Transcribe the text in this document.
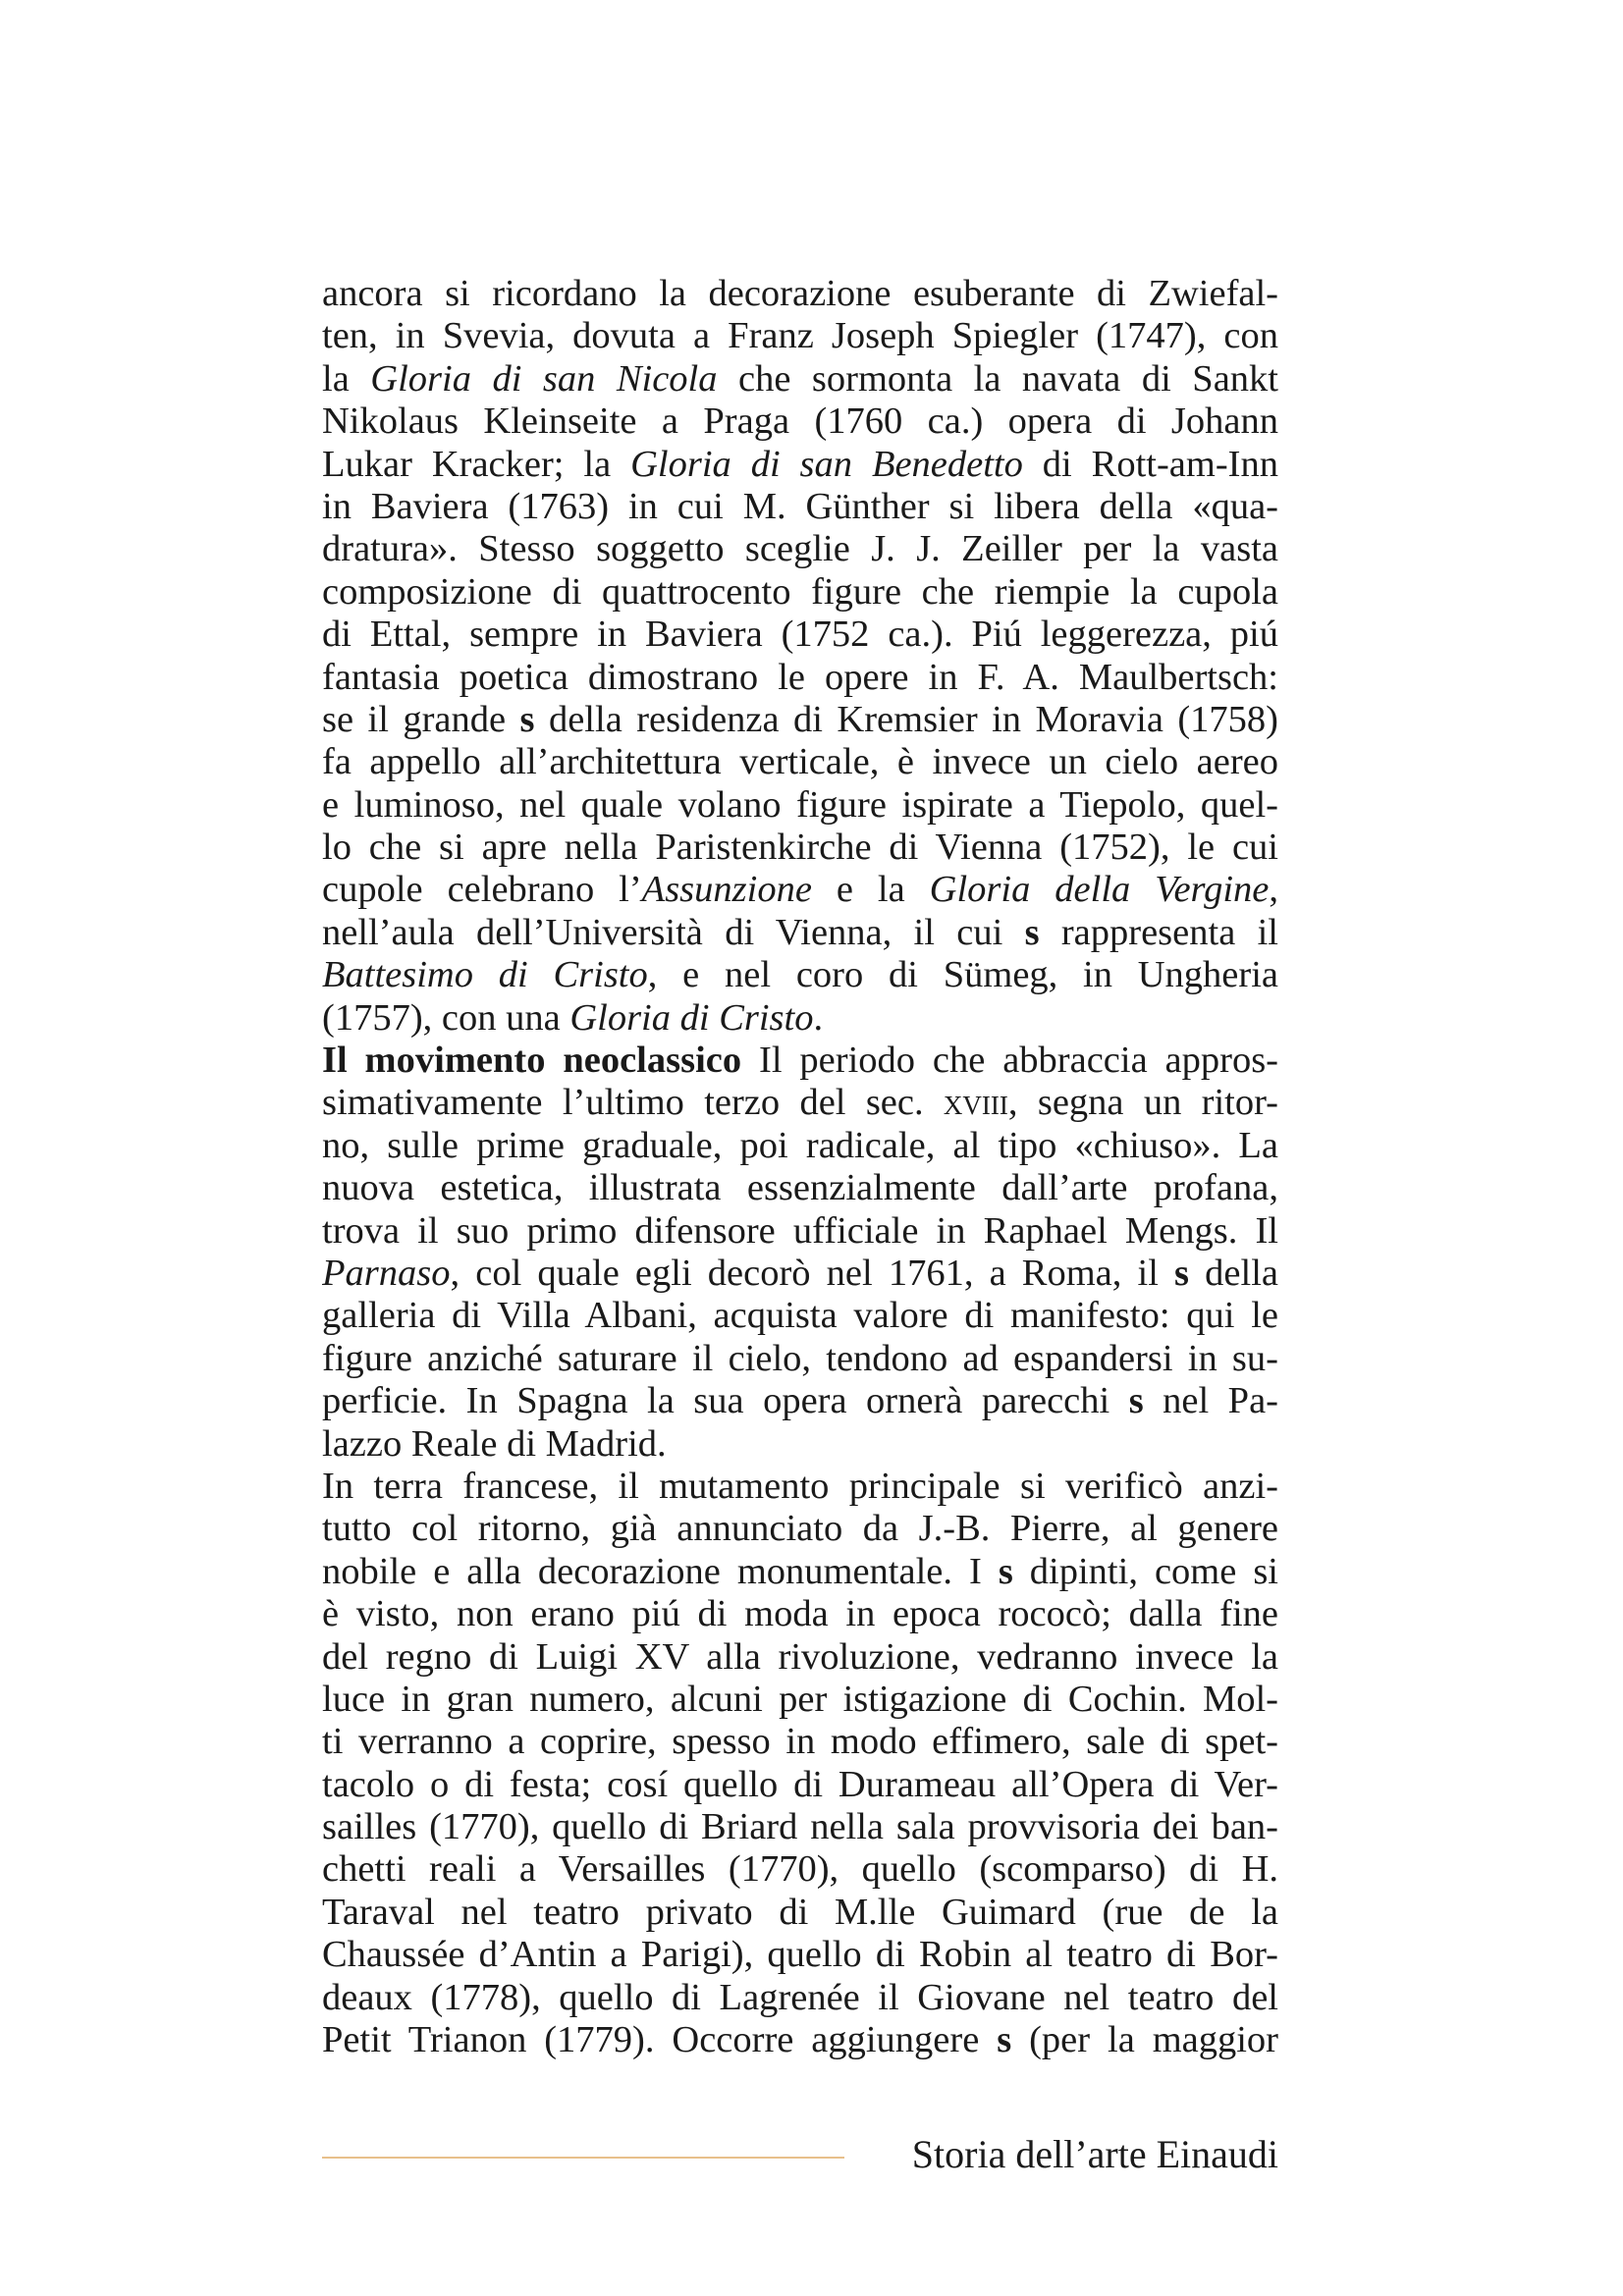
ancora si ricordano la decorazione esuberante di Zwiefal-
ten, in Svevia, dovuta a Franz Joseph Spiegler (1747), con
la Gloria di san Nicola che sormonta la navata di Sankt
Nikolaus Kleinseite a Praga (1760 ca.) opera di Johann
Lukar Kracker; la Gloria di san Benedetto di Rott-am-Inn
in Baviera (1763) in cui M. Günther si libera della «qua-
dratura». Stesso soggetto sceglie J. J. Zeiller per la vasta
composizione di quattrocento figure che riempie la cupola
di Ettal, sempre in Baviera (1752 ca.). Piú leggerezza, piú
fantasia poetica dimostrano le opere in F. A. Maulbertsch:
se il grande s della residenza di Kremsier in Moravia (1758)
fa appello all’architettura verticale, è invece un cielo aereo
e luminoso, nel quale volano figure ispirate a Tiepolo, quel-
lo che si apre nella Paristenkirche di Vienna (1752), le cui
cupole celebrano l’Assunzione e la Gloria della Vergine,
nell’aula dell’Università di Vienna, il cui s rappresenta il
Battesimo di Cristo, e nel coro di Sümeg, in Ungheria
(1757), con una Gloria di Cristo.
Il movimento neoclassico Il periodo che abbraccia appros-
simativamente l’ultimo terzo del sec. xviii, segna un ritor-
no, sulle prime graduale, poi radicale, al tipo «chiuso». La
nuova estetica, illustrata essenzialmente dall’arte profana,
trova il suo primo difensore ufficiale in Raphael Mengs. Il
Parnaso, col quale egli decorò nel 1761, a Roma, il s della
galleria di Villa Albani, acquista valore di manifesto: qui le
figure anziché saturare il cielo, tendono ad espandersi in su-
perficie. In Spagna la sua opera ornerà parecchi s nel Pa-
lazzo Reale di Madrid.
In terra francese, il mutamento principale si verificò anzi-
tutto col ritorno, già annunciato da J.-B. Pierre, al genere
nobile e alla decorazione monumentale. I s dipinti, come si
è visto, non erano piú di moda in epoca rococò; dalla fine
del regno di Luigi XV alla rivoluzione, vedranno invece la
luce in gran numero, alcuni per istigazione di Cochin. Mol-
ti verranno a coprire, spesso in modo effimero, sale di spet-
tacolo o di festa; cosí quello di Durameau all’Opera di Ver-
sailles (1770), quello di Briard nella sala provvisoria dei ban-
chetti reali a Versailles (1770), quello (scomparso) di H.
Taraval nel teatro privato di M.lle Guimard (rue de la
Chaussée d’Antin a Parigi), quello di Robin al teatro di Bor-
deaux (1778), quello di Lagrenée il Giovane nel teatro del
Petit Trianon (1779). Occorre aggiungere s (per la maggior
Storia dell’arte Einaudi
